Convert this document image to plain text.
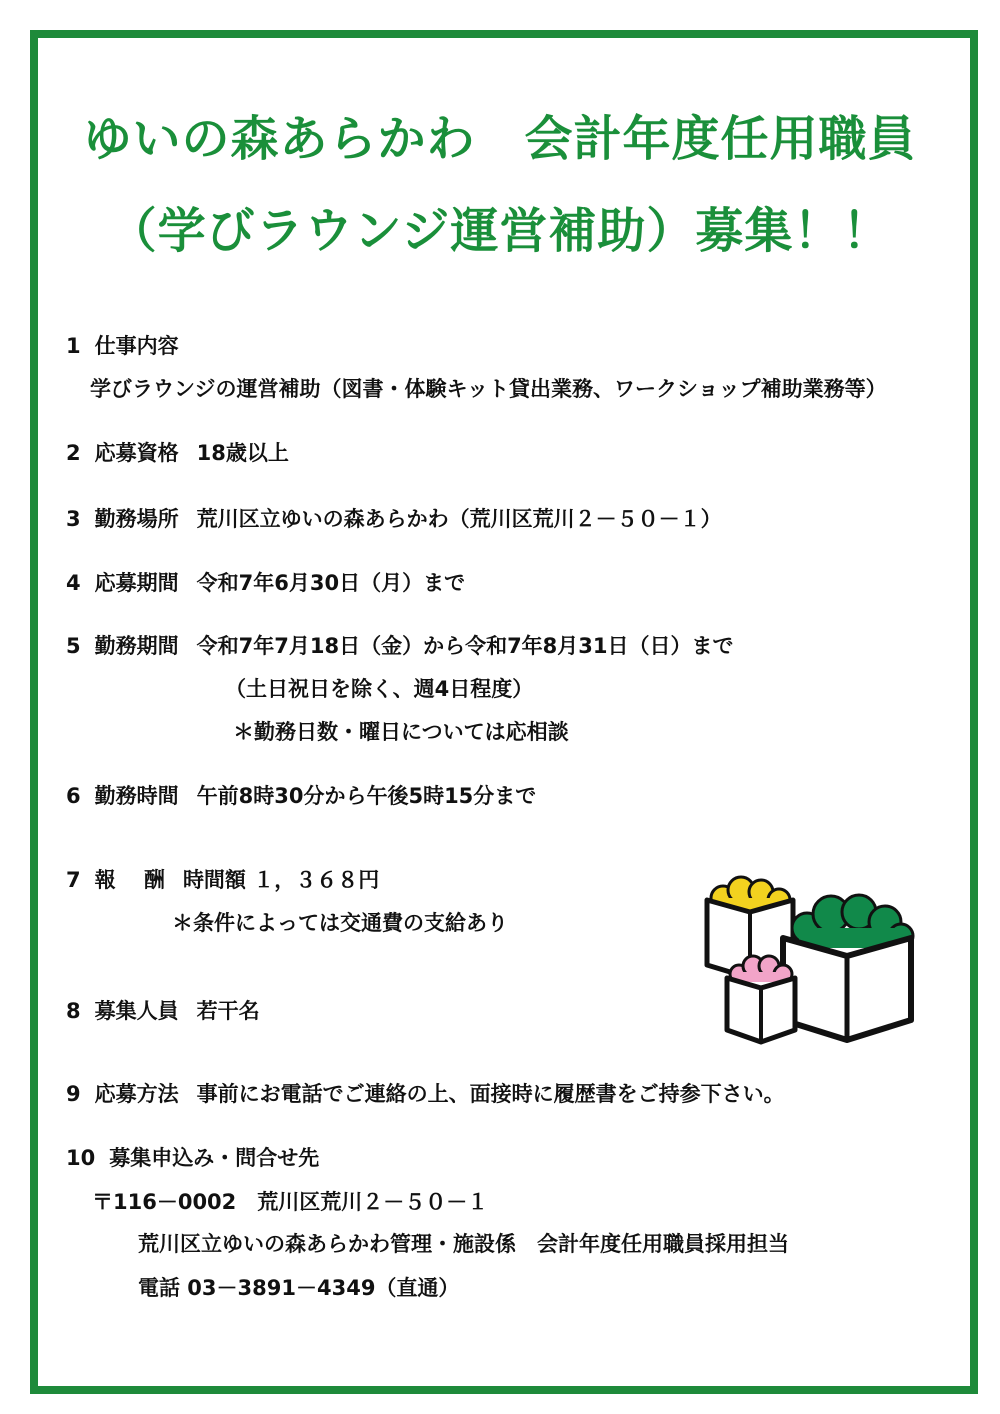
ゆいの森あらかわ　会計年度任用職員
（学びラウンジ運営補助）募集！！
1 仕事内容
学びラウンジの運営補助（図書・体験キット貸出業務、ワークショップ補助業務等）
2 応募資格 18歳以上
3 勤務場所 荒川区立ゆいの森あらかわ（荒川区荒川２－５０－１）
4 応募期間 令和7年6月30日（月）まで
5 勤務期間 令和7年7月18日（金）から令和7年8月31日（日）まで
（土日祝日を除く、週4日程度）
＊勤務日数・曜日については応相談
6 勤務時間 午前8時30分から午後5時15分まで
7 報　 酬 時間額 １，３６８円
＊条件によっては交通費の支給あり
8 募集人員 若干名
9 応募方法 事前にお電話でご連絡の上、面接時に履歴書をご持参下さい。
10 募集申込み・問合せ先
〒116－0002　荒川区荒川２－５０－１
荒川区立ゆいの森あらかわ管理・施設係　会計年度任用職員採用担当
電話 03－3891－4349（直通）
